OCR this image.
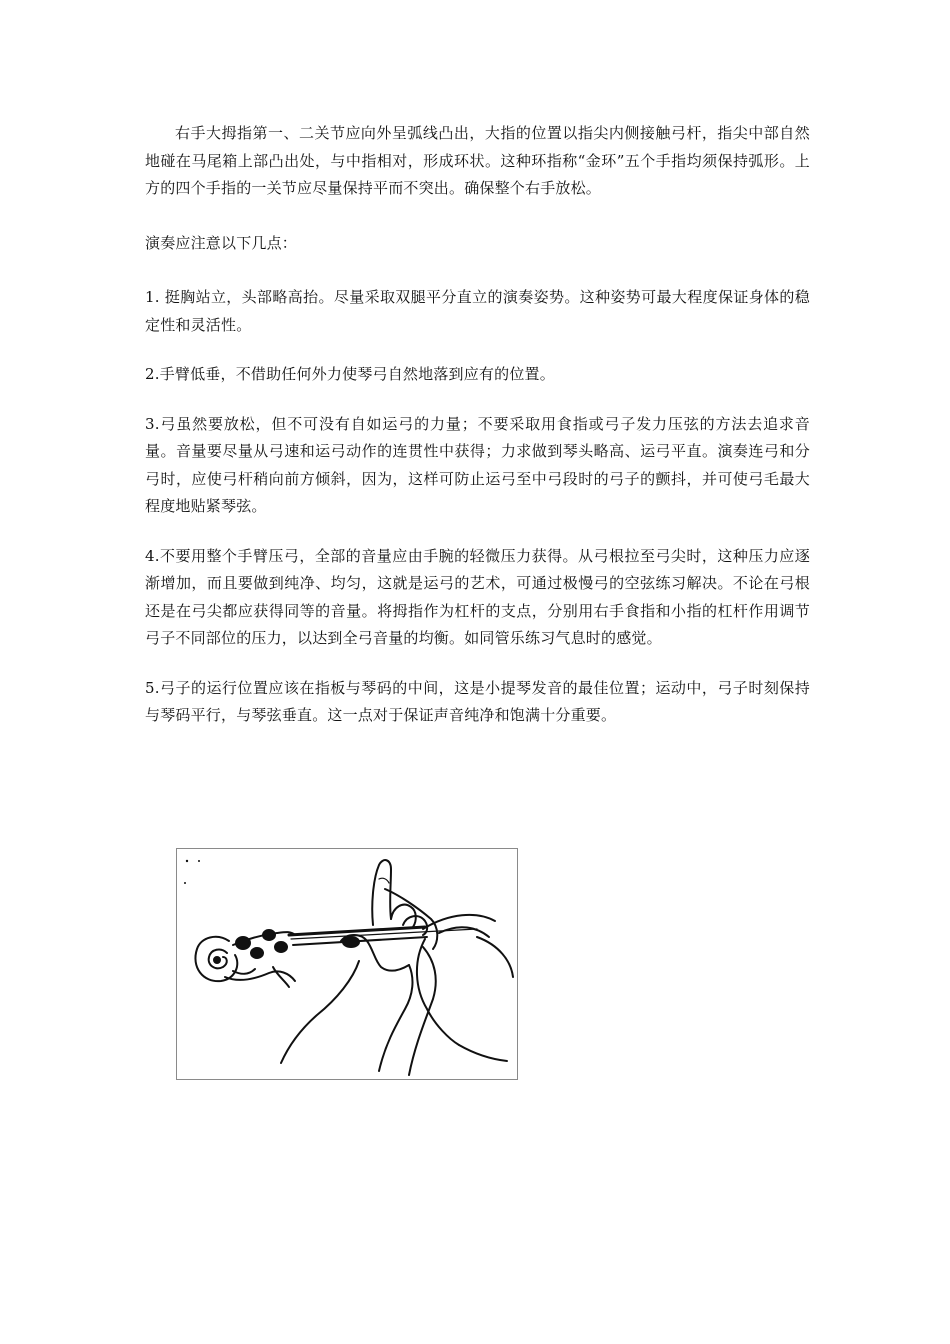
右手大拇指第一、二关节应向外呈弧线凸出，大指的位置以指尖内侧接触弓杆，指尖中部自然地碰在马尾箱上部凸出处，与中指相对，形成环状。这种环指称“金环”五个手指均须保持弧形。上方的四个手指的一关节应尽量保持平而不突出。确保整个右手放松。

演奏应注意以下几点：

1. 挺胸站立，头部略高抬。尽量采取双腿平分直立的演奏姿势。这种姿势可最大程度保证身体的稳定性和灵活性。

2.手臂低垂，不借助任何外力使琴弓自然地落到应有的位置。

3.弓虽然要放松，但不可没有自如运弓的力量；不要采取用食指或弓子发力压弦的方法去追求音量。音量要尽量从弓速和运弓动作的连贯性中获得；力求做到琴头略高、运弓平直。演奏连弓和分弓时，应使弓杆稍向前方倾斜，因为，这样可防止运弓至中弓段时的弓子的颤抖，并可使弓毛最大程度地贴紧琴弦。

4.不要用整个手臂压弓，全部的音量应由手腕的轻微压力获得。从弓根拉至弓尖时，这种压力应逐渐增加，而且要做到纯净、均匀，这就是运弓的艺术，可通过极慢弓的空弦练习解决。不论在弓根还是在弓尖都应获得同等的音量。将拇指作为杠杆的支点，分别用右手食指和小指的杠杆作用调节弓子不同部位的压力，以达到全弓音量的均衡。如同管乐练习气息时的感觉。

5.弓子的运行位置应该在指板与琴码的中间，这是小提琴发音的最佳位置；运动中，弓子时刻保持与琴码平行，与琴弦垂直。这一点对于保证声音纯净和饱满十分重要。
